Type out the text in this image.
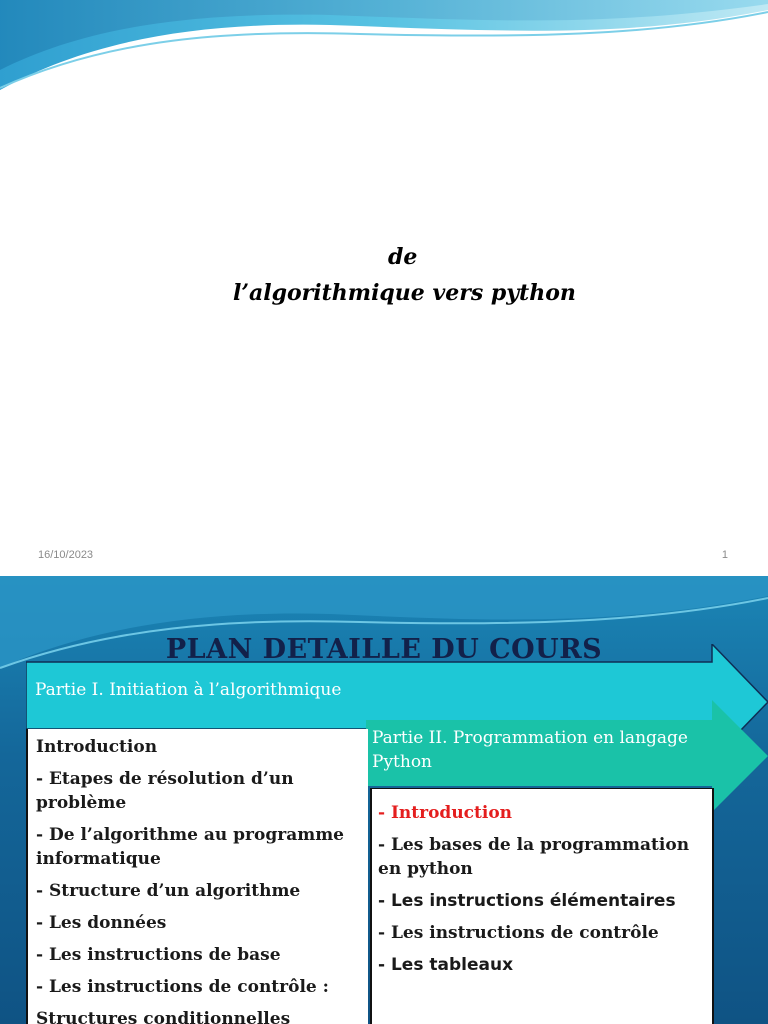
de
l’algorithmique vers python
16/10/2023	1
PLAN DETAILLE DU COURS
Partie I. Initiation à l’algorithmique
Partie II. Programmation en langage Python
Introduction
- Etapes de résolution d’un problème
- De l’algorithme au programme informatique
- Structure d’un algorithme
- Les données
- Les instructions de base
- Les instructions de contrôle :
Structures conditionnelles
- Introduction
- Les bases de la programmation en python
- Les instructions élémentaires
- Les instructions de contrôle
- Les tableaux
